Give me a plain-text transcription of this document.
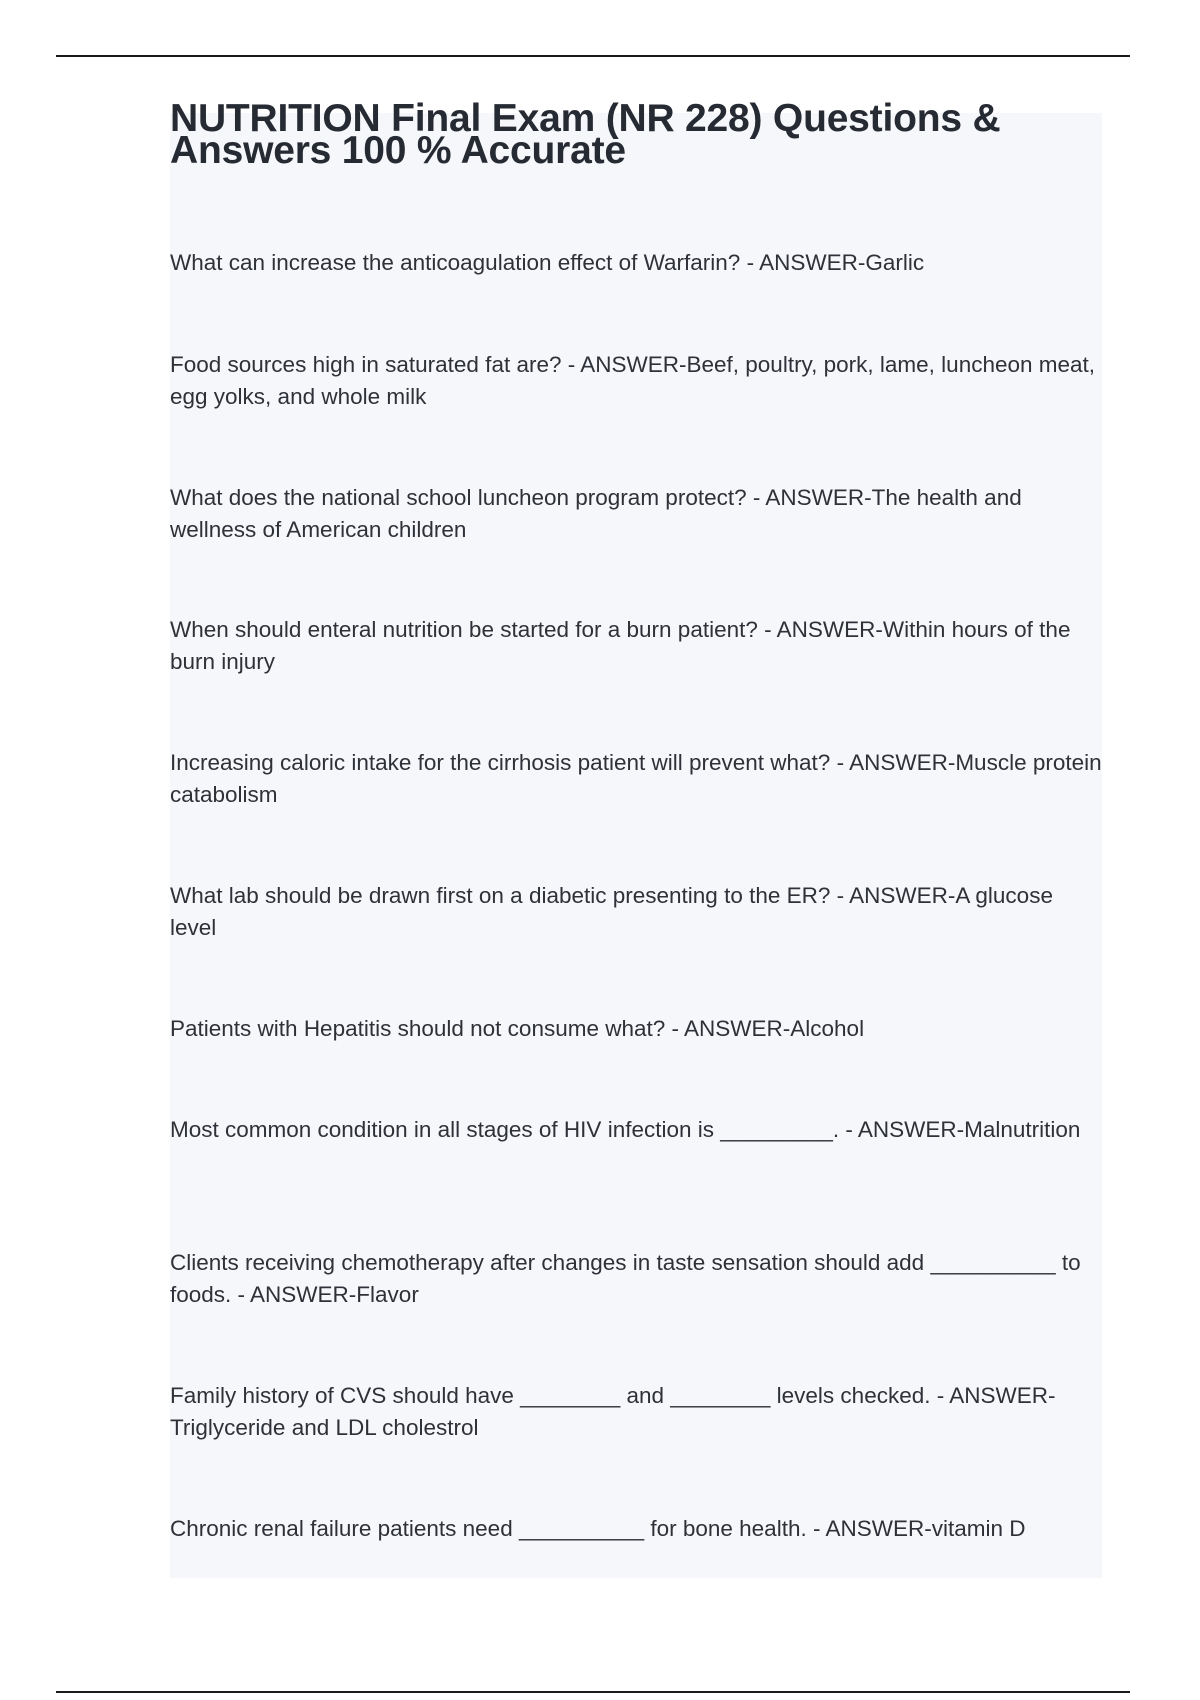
NUTRITION Final Exam (NR 228) Questions & Answers 100 % Accurate

What can increase the anticoagulation effect of Warfarin? - ANSWER-Garlic

Food sources high in saturated fat are? - ANSWER-Beef, poultry, pork, lame, luncheon meat, egg yolks, and whole milk

What does the national school luncheon program protect? - ANSWER-The health and wellness of American children

When should enteral nutrition be started for a burn patient? - ANSWER-Within hours of the burn injury

Increasing caloric intake for the cirrhosis patient will prevent what? - ANSWER-Muscle protein catabolism

What lab should be drawn first on a diabetic presenting to the ER? - ANSWER-A glucose level

Patients with Hepatitis should not consume what? - ANSWER-Alcohol

Most common condition in all stages of HIV infection is _________. - ANSWER-Malnutrition

Clients receiving chemotherapy after changes in taste sensation should add __________ to foods. - ANSWER-Flavor

Family history of CVS should have ________ and ________ levels checked. - ANSWER-Triglyceride and LDL cholestrol

Chronic renal failure patients need __________ for bone health. - ANSWER-vitamin D
